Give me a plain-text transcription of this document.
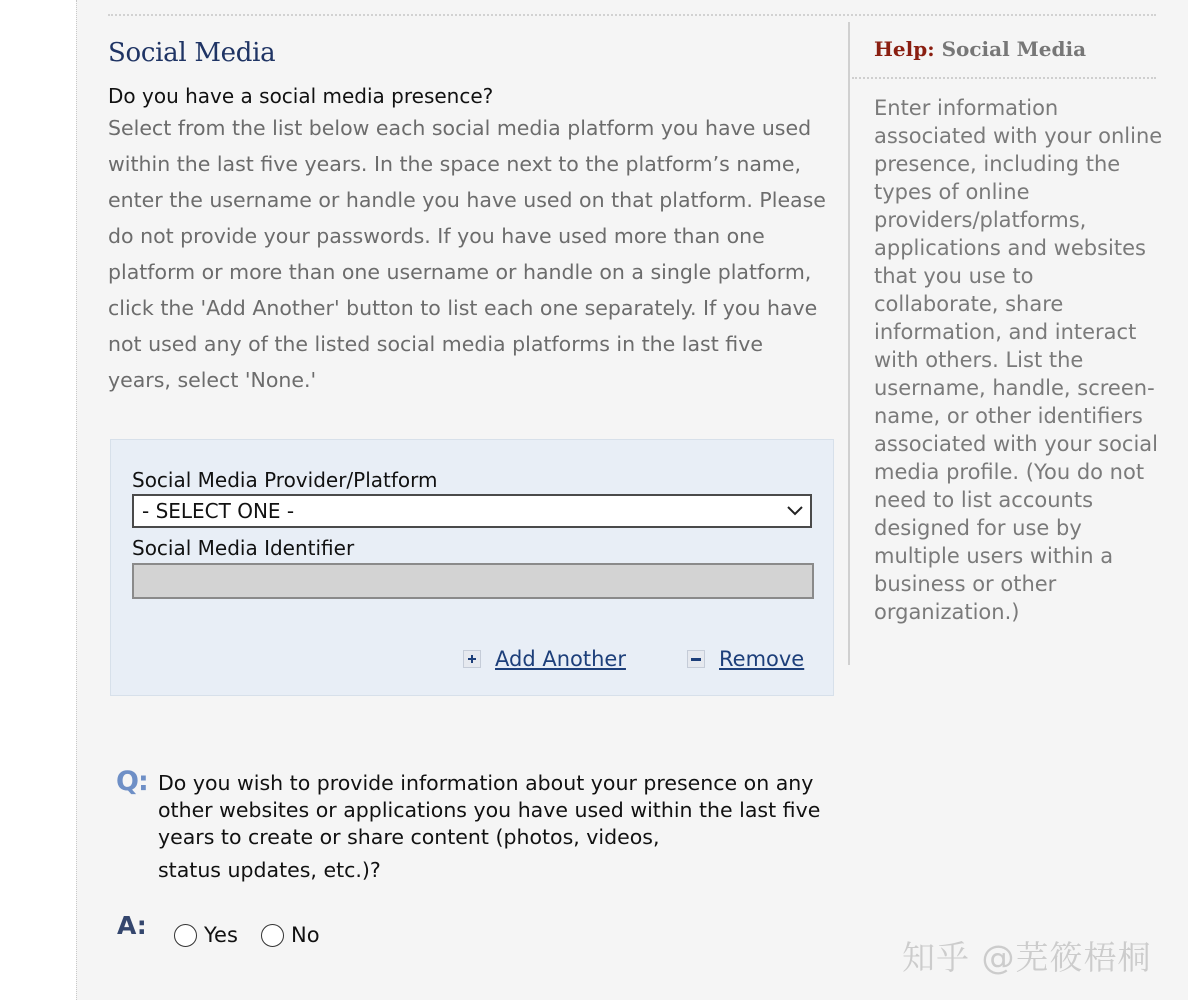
Social Media

Do you have a social media presence?

Select from the list below each social media platform you have used within the last five years. In the space next to the platform’s name, enter the username or handle you have used on that platform. Please do not provide your passwords. If you have used more than one platform or more than one username or handle on a single platform, click the 'Add Another' button to list each one separately. If you have not used any of the listed social media platforms in the last five years, select 'None.'

Social Media Provider/Platform

- SELECT ONE -

Social Media Identifier

Add Another	Remove
Q: Do you wish to provide information about your presence on any other websites or applications you have used within the last five years to create or share content (photos, videos,
status updates, etc.)?

A:	Yes	No
Help: Social Media

Enter information associated with your online presence, including the types of online providers/platforms, applications and websites that you use to collaborate, share information, and interact with others. List the username, handle, screen-name, or other identifiers associated with your social media profile. (You do not need to list accounts designed for use by multiple users within a business or other organization.)

知乎 @芜筱梧桐
